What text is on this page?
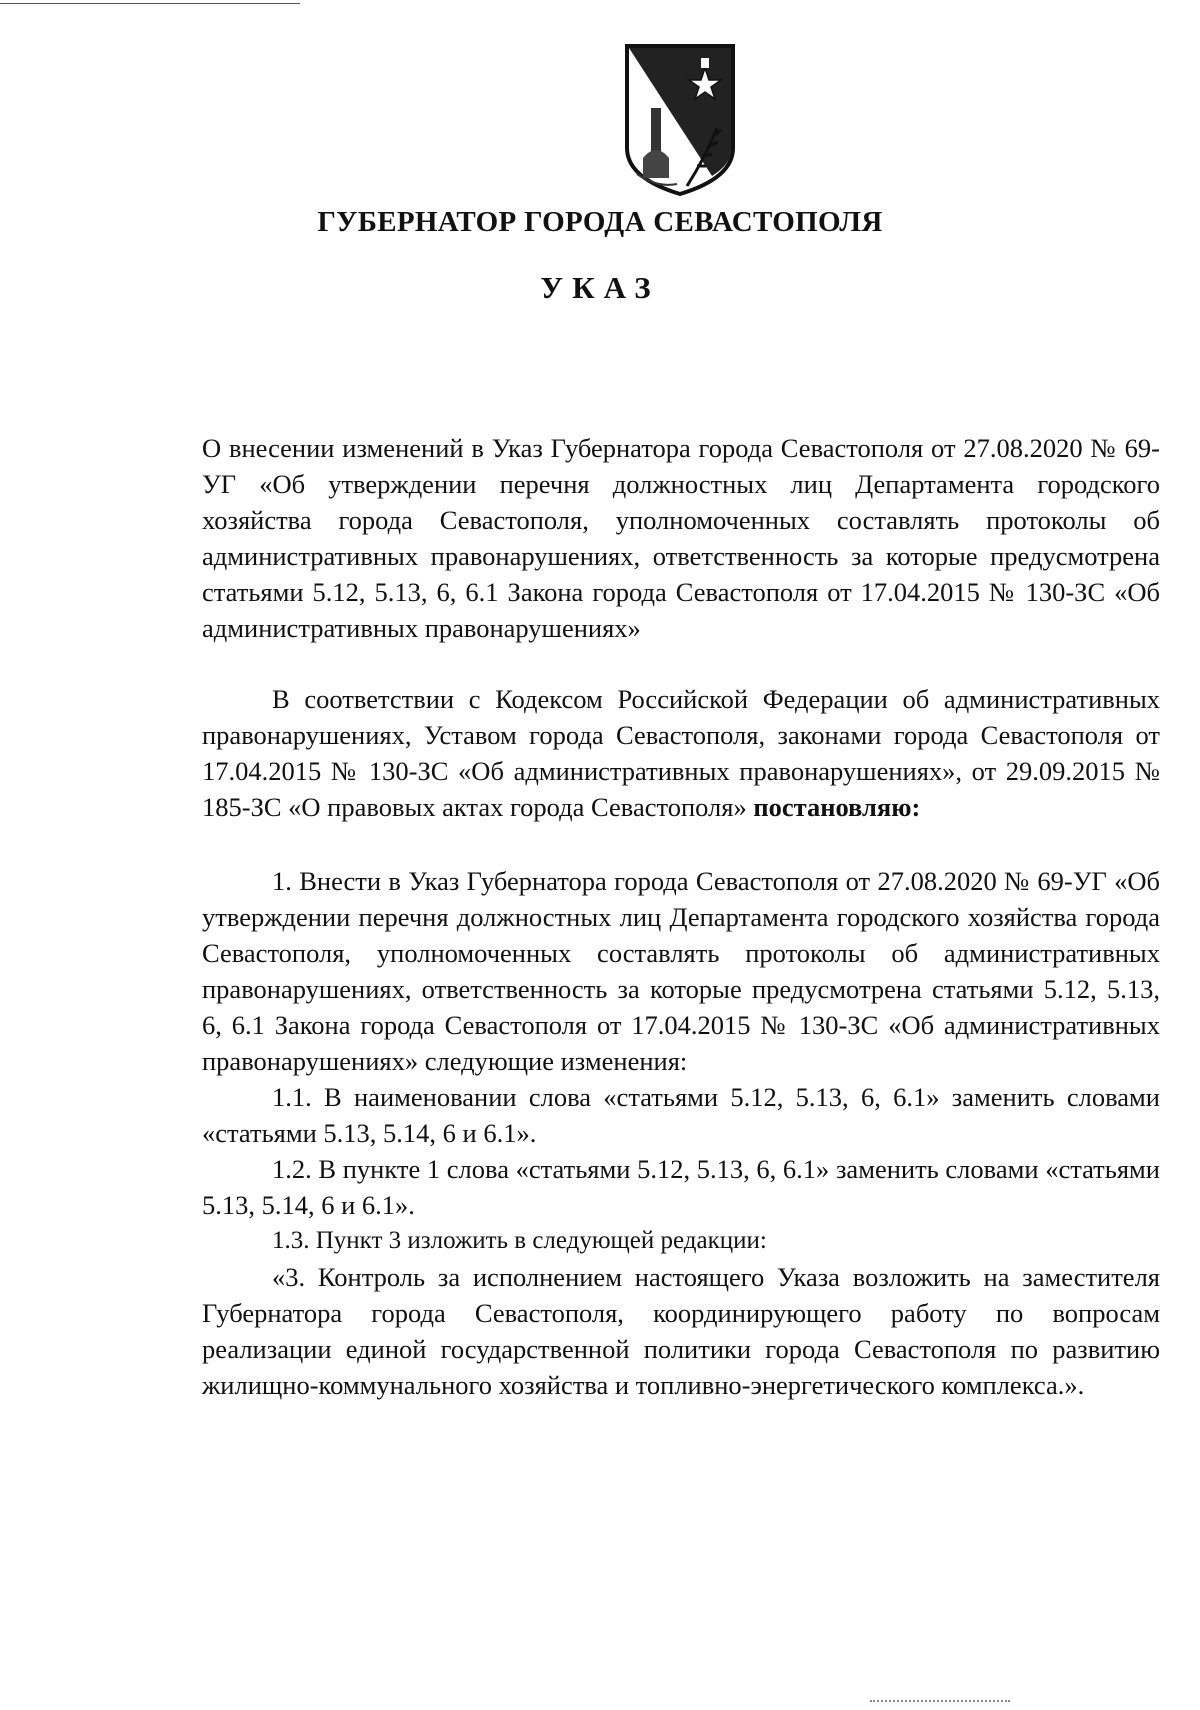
ГУБЕРНАТОР ГОРОДА СЕВАСТОПОЛЯ
УКАЗ

О внесении изменений в Указ Губернатора города Севастополя от 27.08.2020 № 69-УГ «Об утверждении перечня должностных лиц Департамента городского хозяйства города Севастополя, уполномоченных составлять протоколы об административных правонарушениях, ответственность за которые предусмотрена статьями 5.12, 5.13, 6, 6.1 Закона города Севастополя от 17.04.2015 № 130-ЗС «Об административных правонарушениях»

В соответствии с Кодексом Российской Федерации об административных правонарушениях, Уставом города Севастополя, законами города Севастополя от 17.04.2015 № 130-ЗС «Об административных правонарушениях», от 29.09.2015 № 185-ЗС «О правовых актах города Севастополя» постановляю:

1. Внести в Указ Губернатора города Севастополя от 27.08.2020 № 69-УГ «Об утверждении перечня должностных лиц Департамента городского хозяйства города Севастополя, уполномоченных составлять протоколы об административных правонарушениях, ответственность за которые предусмотрена статьями 5.12, 5.13, 6, 6.1 Закона города Севастополя от 17.04.2015 № 130-ЗС «Об административных правонарушениях» следующие изменения:

1.1. В наименовании слова «статьями 5.12, 5.13, 6, 6.1» заменить словами «статьями 5.13, 5.14, 6 и 6.1».

1.2. В пункте 1 слова «статьями 5.12, 5.13, 6, 6.1» заменить словами «статьями 5.13, 5.14, 6 и 6.1».

1.3. Пункт 3 изложить в следующей редакции:

«3. Контроль за исполнением настоящего Указа возложить на заместителя Губернатора города Севастополя, координирующего работу по вопросам реализации единой государственной политики города Севастополя по развитию жилищно-коммунального хозяйства и топливно-энергетического комплекса.».
